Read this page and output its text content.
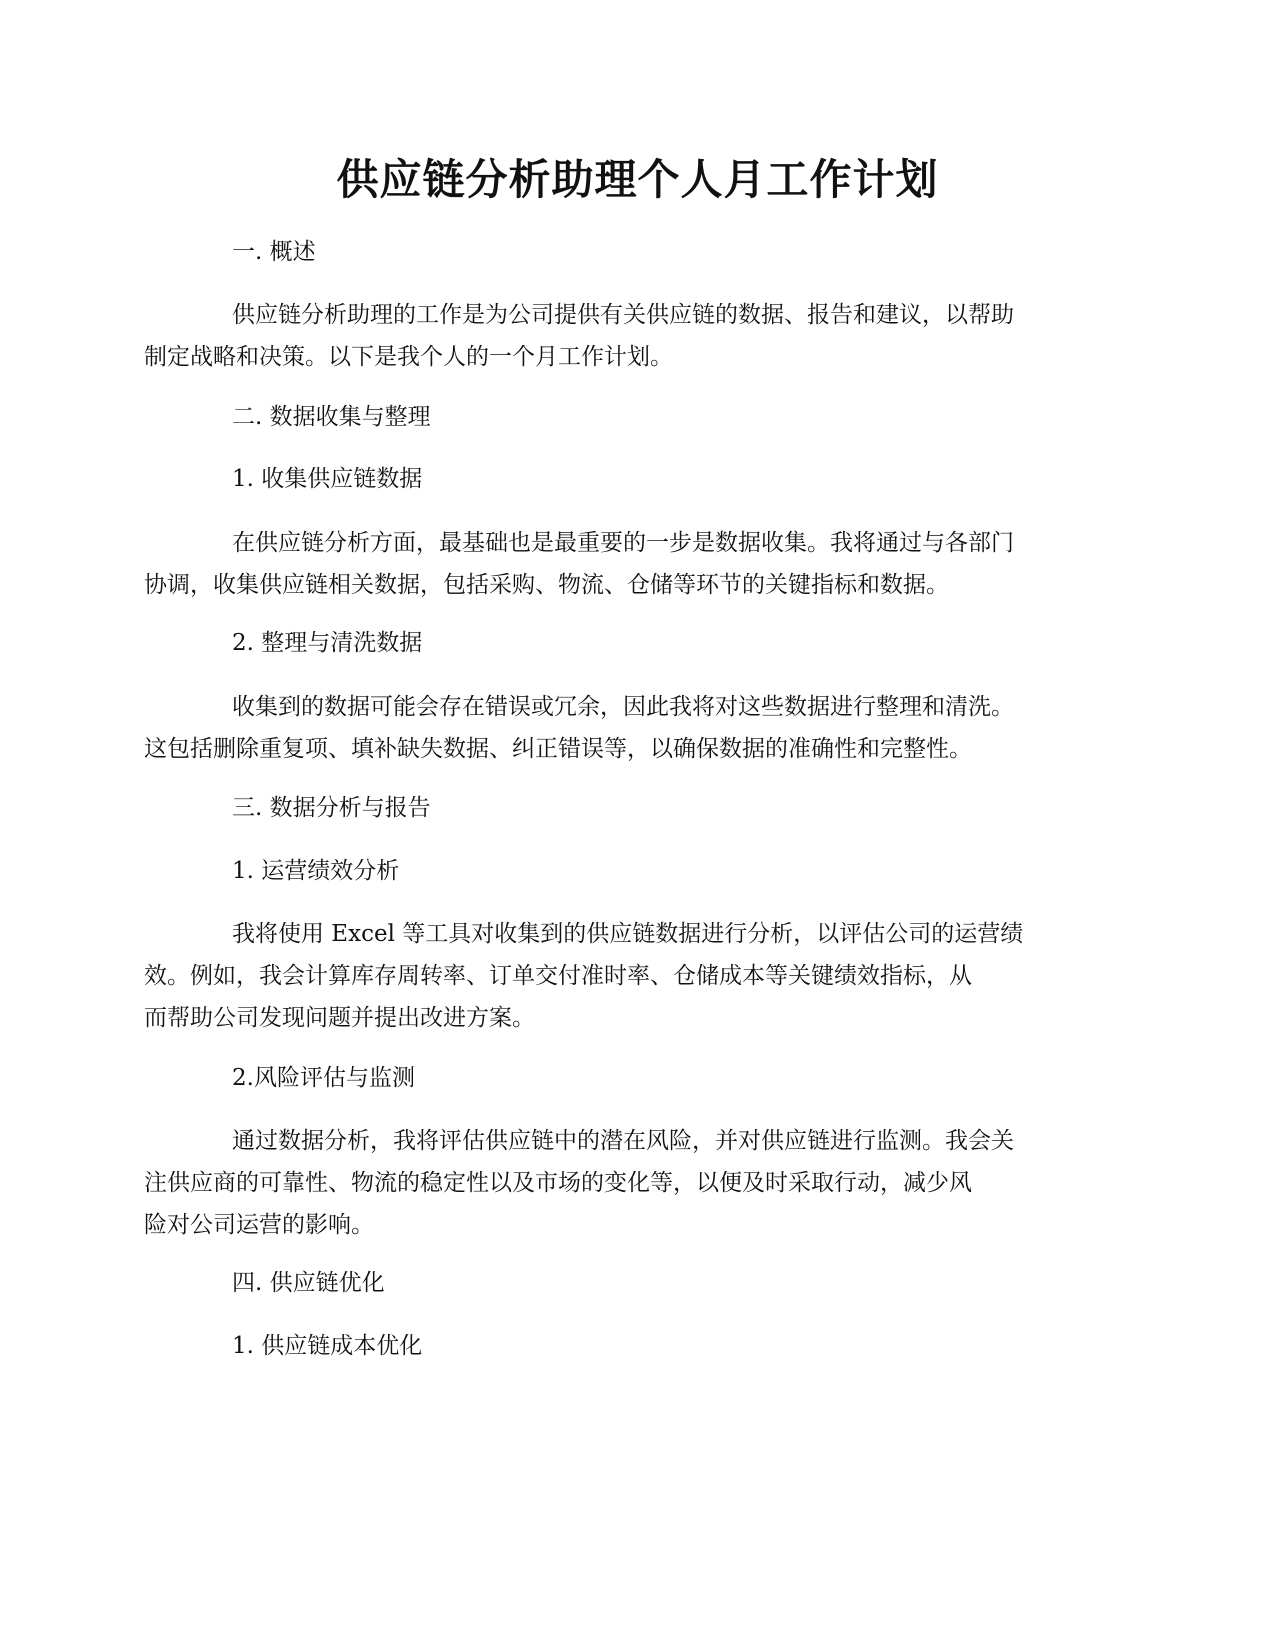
供应链分析助理个人月工作计划

一. 概述

供应链分析助理的工作是为公司提供有关供应链的数据、报告和建议，以帮助
制定战略和决策。以下是我个人的一个月工作计划。

二. 数据收集与整理

1. 收集供应链数据

在供应链分析方面，最基础也是最重要的一步是数据收集。我将通过与各部门
协调，收集供应链相关数据，包括采购、物流、仓储等环节的关键指标和数据。

2. 整理与清洗数据

收集到的数据可能会存在错误或冗余，因此我将对这些数据进行整理和清洗。
这包括删除重复项、填补缺失数据、纠正错误等，以确保数据的准确性和完整性。

三. 数据分析与报告

1. 运营绩效分析

我将使用 Excel 等工具对收集到的供应链数据进行分析，以评估公司的运营绩
效。例如，我会计算库存周转率、订单交付准时率、仓储成本等关键绩效指标，从
而帮助公司发现问题并提出改进方案。

2.风险评估与监测

通过数据分析，我将评估供应链中的潜在风险，并对供应链进行监测。我会关
注供应商的可靠性、物流的稳定性以及市场的变化等，以便及时采取行动，减少风
险对公司运营的影响。

四. 供应链优化

1. 供应链成本优化
